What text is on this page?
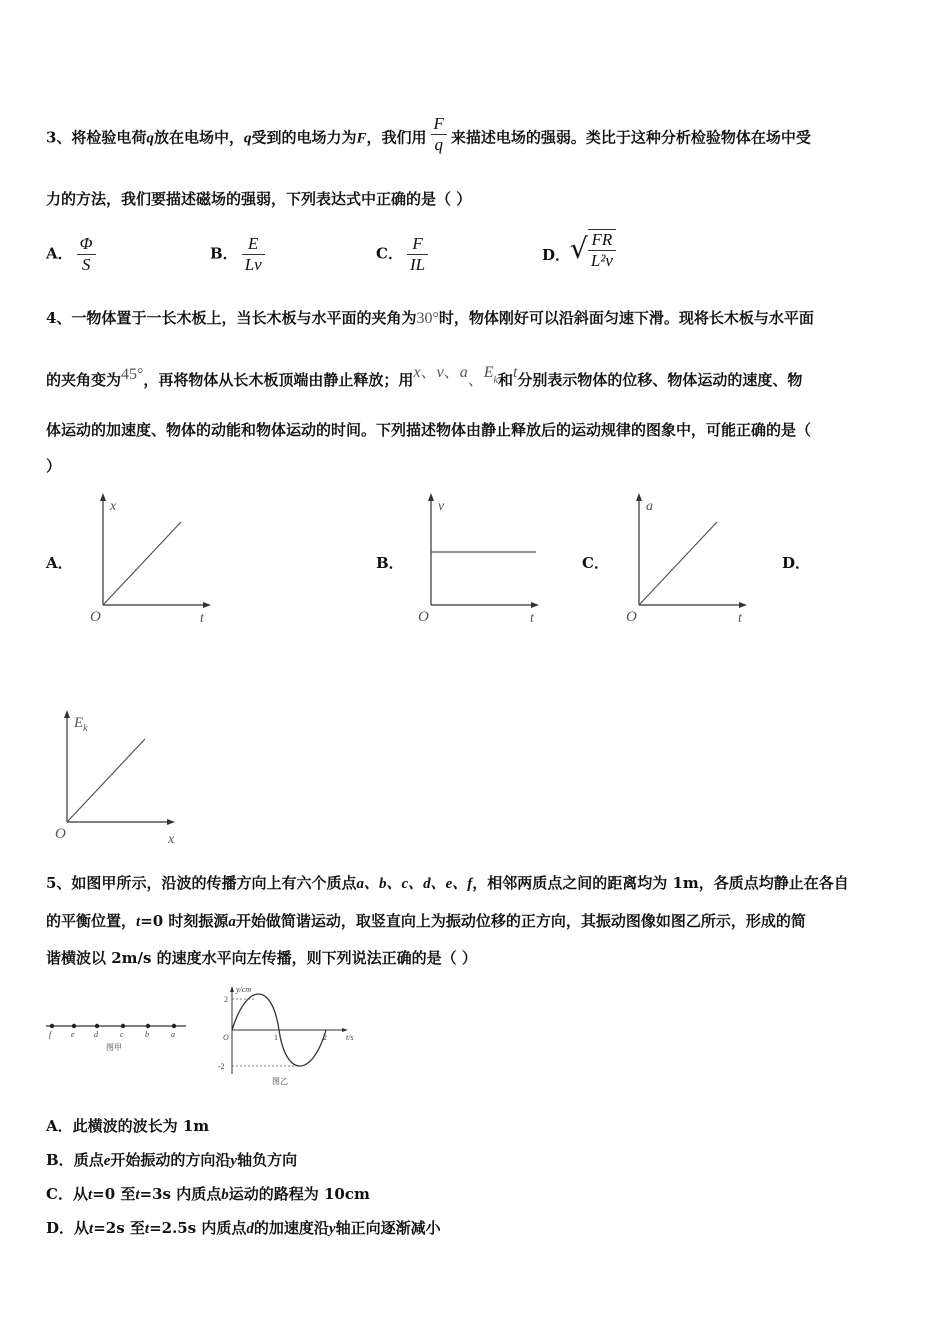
3、将检验电荷q放在电场中，q受到的电场力为F，我们用 $\frac{F}{q}$ 来描述电场的强弱。类比于这种分析检验物体在场中受
力的方法，我们要描述磁场的强弱，下列表达式中正确的是（ ）
A． $\frac{\Phi}{S}$	B． $\frac{E}{Lv}$	C． $\frac{F}{IL}$	D．√ $\frac{FR}{\text{L²v}}$
4、一物体置于一长木板上，当长木板与水平面的夹角为30°时，物体刚好可以沿斜面匀速下滑。现将长木板与水平面
的夹角变为45°，再将物体从长木板顶端由静止释放；用x、v、a、$E_k$和t分别表示物体的位移、物体运动的速度、物
体运动的加速度、物体的动能和物体运动的时间。下列描述物体由静止释放后的运动规律的图象中，可能正确的是（
）
A．	B．	C．	D．
x
t
O
v
t
O
a
t
O
$E_k$
x
O
5、如图甲所示，沿波的传播方向上有六个质点a、b、c、d、e、f，相邻两质点之间的距离均为 1m，各质点均静止在各自
的平衡位置，t=0 时刻振源a开始做简谐运动，取竖直向上为振动位移的正方向，其振动图像如图乙所示，形成的简
谐横波以 2m/s 的速度水平向左传播，则下列说法正确的是（ ）
f e d	c	b	a
图甲
y/cm
t/s
O
2
-2
1	2
图乙
A．此横波的波长为 1m
B．质点e开始振动的方向沿y轴负方向
C．从t=0 至t=3s 内质点b运动的路程为 10cm
D．从t=2s 至t=2.5s 内质点d的加速度沿y轴正向逐渐减小
